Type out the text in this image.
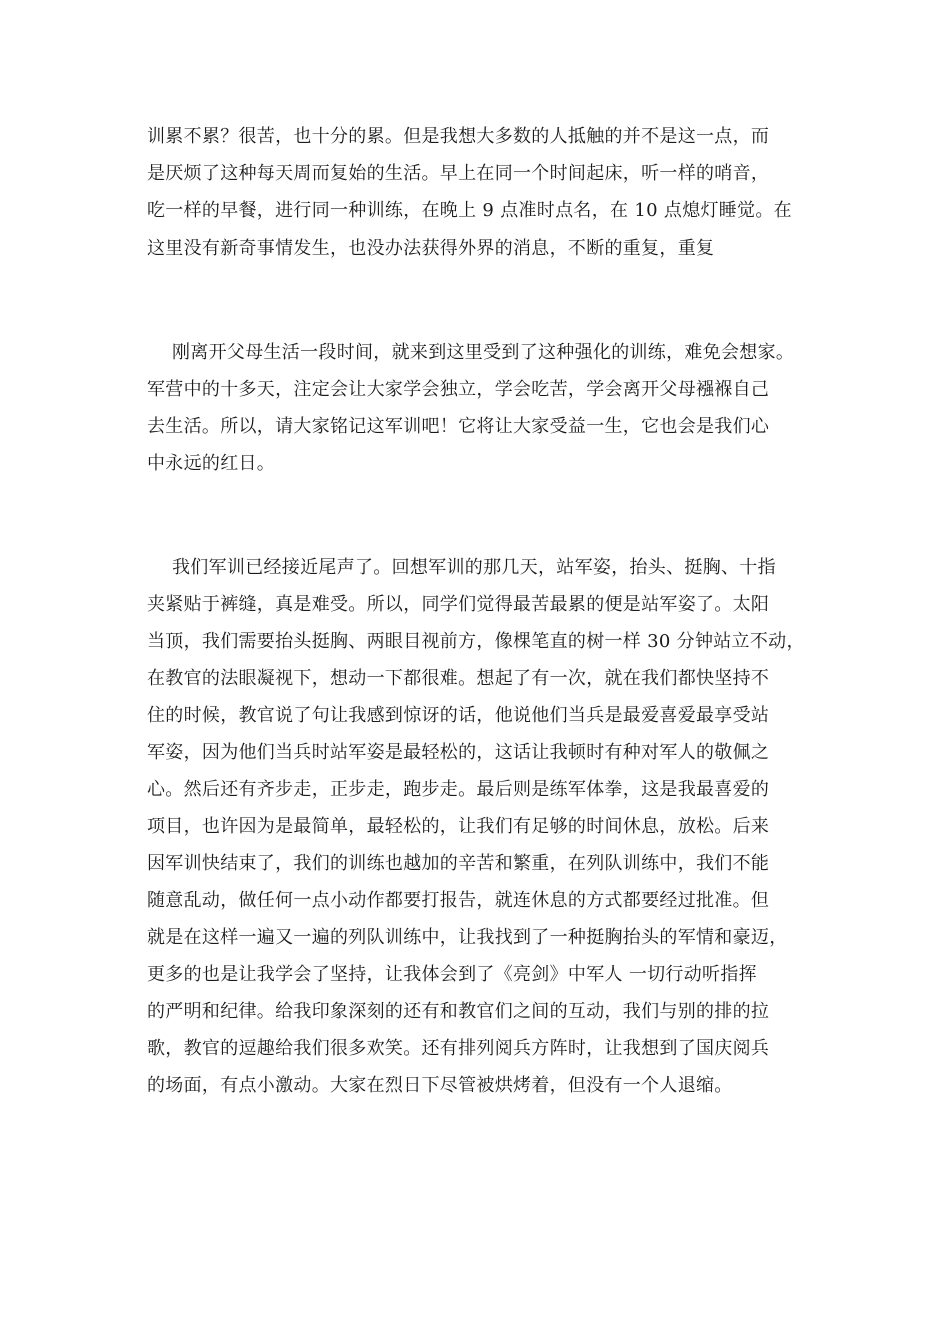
训累不累？很苦，也十分的累。但是我想大多数的人抵触的并不是这一点，而
是厌烦了这种每天周而复始的生活。早上在同一个时间起床，听一样的哨音，
吃一样的早餐，进行同一种训练，在晚上 9 点准时点名，在 10 点熄灯睡觉。在
这里没有新奇事情发生，也没办法获得外界的消息，不断的重复，重复
刚离开父母生活一段时间，就来到这里受到了这种强化的训练，难免会想家。
军营中的十多天，注定会让大家学会独立，学会吃苦，学会离开父母襁褓自己
去生活。所以，请大家铭记这军训吧！它将让大家受益一生，它也会是我们心
中永远的红日。
我们军训已经接近尾声了。回想军训的那几天，站军姿，抬头、挺胸、十指
夹紧贴于裤缝，真是难受。所以，同学们觉得最苦最累的便是站军姿了。太阳
当顶，我们需要抬头挺胸、两眼目视前方，像棵笔直的树一样 30 分钟站立不动，
在教官的法眼凝视下，想动一下都很难。想起了有一次，就在我们都快坚持不
住的时候，教官说了句让我感到惊讶的话，他说他们当兵是最爱喜爱最享受站
军姿，因为他们当兵时站军姿是最轻松的，这话让我顿时有种对军人的敬佩之
心。然后还有齐步走，正步走，跑步走。最后则是练军体拳，这是我最喜爱的
项目，也许因为是最简单，最轻松的，让我们有足够的时间休息，放松。后来
因军训快结束了，我们的训练也越加的辛苦和繁重，在列队训练中，我们不能
随意乱动，做任何一点小动作都要打报告，就连休息的方式都要经过批准。但
就是在这样一遍又一遍的列队训练中，让我找到了一种挺胸抬头的军情和豪迈，
更多的也是让我学会了坚持，让我体会到了《亮剑》中军人 一切行动听指挥
的严明和纪律。给我印象深刻的还有和教官们之间的互动，我们与别的排的拉
歌，教官的逗趣给我们很多欢笑。还有排列阅兵方阵时，让我想到了国庆阅兵
的场面，有点小激动。大家在烈日下尽管被烘烤着，但没有一个人退缩。
